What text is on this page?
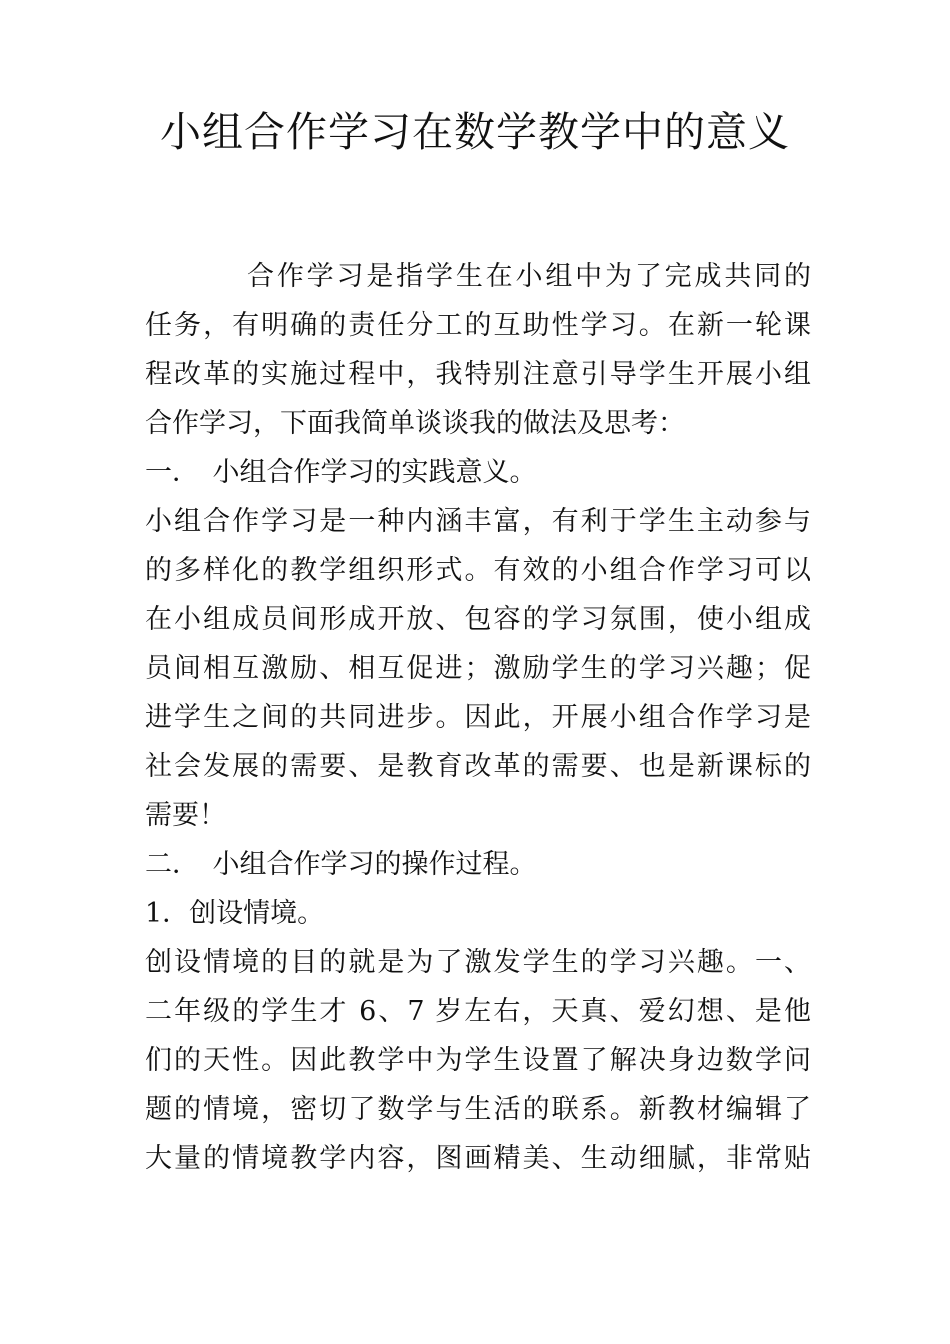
小组合作学习在数学教学中的意义
合作学习是指学生在小组中为了完成共同的
任务，有明确的责任分工的互助性学习。在新一轮课
程改革的实施过程中，我特别注意引导学生开展小组
合作学习，下面我简单谈谈我的做法及思考：
一．　小组合作学习的实践意义。
小组合作学习是一种内涵丰富，有利于学生主动参与
的多样化的教学组织形式。有效的小组合作学习可以
在小组成员间形成开放、包容的学习氛围，使小组成
员间相互激励、相互促进；激励学生的学习兴趣；促
进学生之间的共同进步。因此，开展小组合作学习是
社会发展的需要、是教育改革的需要、也是新课标的
需要！
二．　小组合作学习的操作过程。
1．创设情境。
创设情境的目的就是为了激发学生的学习兴趣。一、
二年级的学生才 6、7 岁左右，天真、爱幻想、是他
们的天性。因此教学中为学生设置了解决身边数学问
题的情境，密切了数学与生活的联系。新教材编辑了
大量的情境教学内容，图画精美、生动细腻，非常贴
